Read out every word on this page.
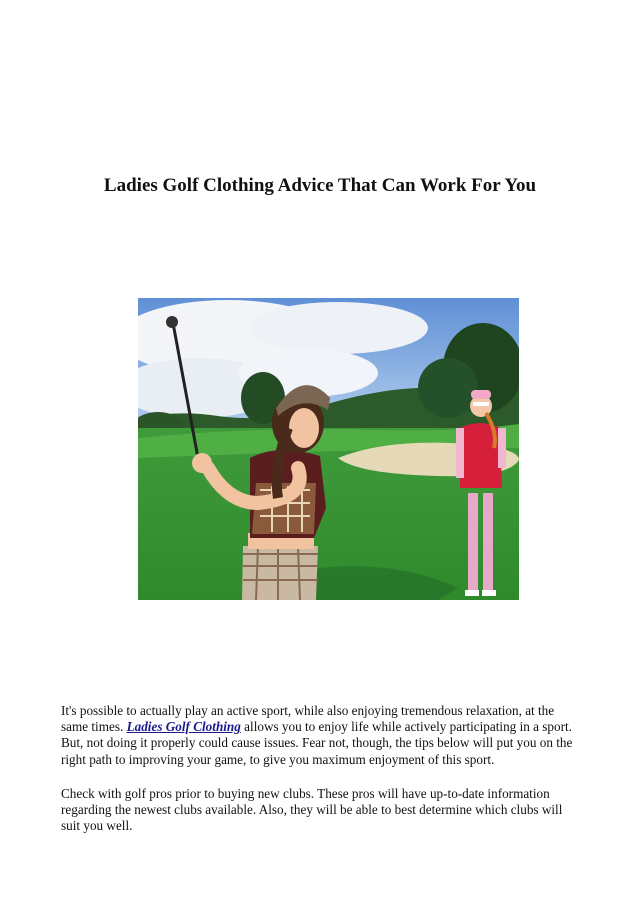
Ladies Golf Clothing Advice That Can Work For You

It's possible to actually play an active sport, while also enjoying tremendous relaxation, at the same times. Ladies Golf Clothing allows you to enjoy life while actively participating in a sport. But, not doing it properly could cause issues. Fear not, though, the tips below will put you on the right path to improving your game, to give you maximum enjoyment of this sport.

Check with golf pros prior to buying new clubs. These pros will have up-to-date information regarding the newest clubs available. Also, they will be able to best determine which clubs will suit you well.
